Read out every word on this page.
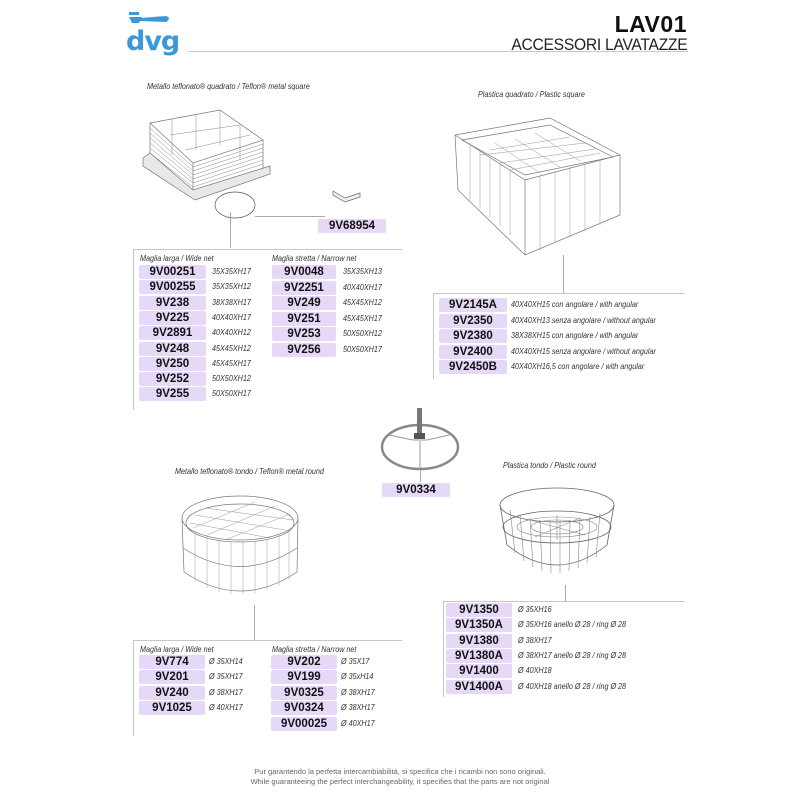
dvg
LAV01
ACCESSORI LAVATAZZE
Metallo teflonato® quadrato / Teflon® metal square
9V68954
Maglia larga / Wide net	Maglia stretta / Narrow net
9V00251	35X35XH17
9V00255	35X35XH12
9V238	38X38XH17
9V225	40X40XH17
9V2891	40X40XH12
9V248	45X45XH12
9V250	45X45XH17
9V252	50X50XH12
9V255	50X50XH17
9V0048	35X35XH13
9V2251	40X40XH17
9V249	45X45XH12
9V251	45X45XH17
9V253	50X50XH12
9V256	50X50XH17
Plastica quadrato / Plastic square
9V2145A	40X40XH15 con angolare / with angular
9V2350	40X40XH13 senza angolare / without angular
9V2380	38X38XH15 con angolare / with angular
9V2400	40X40XH15 senza angolare / without angular
9V2450B	40X40XH16,5 con angolare / with angular
9V0334
Metallo teflonato® tondo / Teflon® metal round
Maglia larga / Wide net	Maglia stretta / Narrow net
9V774	Ø 35XH14
9V201	Ø 35XH17
9V240	Ø 38XH17
9V1025	Ø 40XH17
9V202	Ø 35X17
9V199	Ø 35xH14
9V0325	Ø 38XH17
9V0324	Ø 38XH17
9V00025	Ø 40XH17
Plastica tondo / Plastic round
9V1350	Ø 35XH16
9V1350A	Ø 35XH16 anello Ø 28 / ring Ø 28
9V1380	Ø 38XH17
9V1380A	Ø 38XH17 anello Ø 28 / ring Ø 28
9V1400	Ø 40XH18
9V1400A	Ø 40XH18 anello Ø 28 / ring Ø 28
Pur garantendo la perfetta intercambiabilità, si specifica che i ricambi non sono originali.
While guaranteeing the perfect interchangeability, it specifies that the parts are not original
